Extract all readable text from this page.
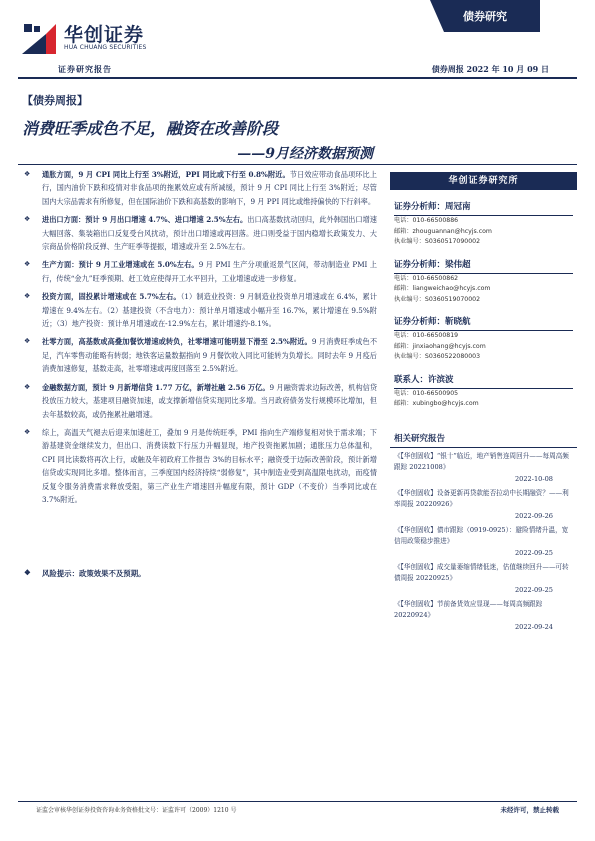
华创证券
HUA CHUANG SECURITIES
债券研究
证券研究报告	债券周报 2022 年 10 月 09 日
【债券周报】
消费旺季成色不足，融资在改善阶段
——9月经济数据预测
❖ 通胀方面，9 月 CPI 同比上行至 3%附近，PPI 同比或下行至 0.8%附近。节日效应带动食品项环比上行，国内油价下跌和疫情对非食品项的拖累效应或有所减缓，预计 9 月 CPI 同比上行至 3%附近；尽管国内大宗品需求有所修复，但在国际油价下跌和高基数的影响下，9 月 PPI 同比或维持偏快的下行斜率。
❖ 进出口方面：预计 9 月出口增速 4.7%、进口增速 2.5%左右。出口高基数扰动回归，此外韩国出口增速大幅回落、集装箱出口反复受台风扰动，预计出口增速或再回落。进口则受益于国内稳增长政策发力、大宗商品价格阶段反弹、生产旺季等提振，增速或升至 2.5%左右。
❖ 生产方面：预计 9 月工业增速或在 5.0%左右。9 月 PMI 生产分项重返景气区间，带动制造业 PMI 上行，传统“金九”旺季预期、赶工效应使得开工水平回升，工业增速或进一步修复。
❖ 投资方面，固投累计增速或在 5.7%左右。（1）制造业投资：9 月制造业投资单月增速或在 6.4%，累计增速在 9.4%左右。（2）基建投资（不含电力）：预计单月增速或小幅升至 16.7%，累计增速在 9.5%附近；（3）地产投资：预计单月增速或在-12.9%左右，累计增速约-8.1%。
❖ 社零方面，高基数或高叠加餐饮增速或转负，社零增速可能明显下滑至 2.5%附近。9 月消费旺季成色不足，汽车零售动能略有转弱；地铁客运量数据指向 9 月餐饮收入同比可能转为负增长。同时去年 9 月疫后消费加速修复，基数走高，社零增速或再度回落至 2.5%附近。
❖ 金融数据方面，预计 9 月新增信贷 1.77 万亿，新增社融 2.56 万亿。9 月融资需求边际改善，机构信贷投放压力较大，基建项目融资加速，或支撑新增信贷实现同比多增。当月政府债务发行规模环比增加，但去年基数较高，或仍拖累社融增速。
❖ 综上，高温天气褪去后迎来加速赶工，叠加 9 月是传统旺季，PMI 指向生产端修复相对快于需求端；下游基建资金继续发力，但出口、消费读数下行压力升幅显现，地产投资拖累加剧；通胀压力总体温和，CPI 同比读数将再次上行，或触及年初政府工作报告 3%的目标水平；融资受于边际改善阶段，预计新增信贷或实现同比多增。整体而言，三季度国内经济持续“弱修复”，其中制造业受到高温限电扰动，而疫情反复令服务消费需求释放受阻，第三产业生产增速回升幅度有限，预计 GDP（不变价）当季同比或在 3.7%附近。
❖ 风险提示：政策效果不及预期。
华创证券研究所
证券分析师：周冠南
电话：010-66500886
邮箱：zhouguannan@hcyjs.com
执业编号：S0360517090002
证券分析师：梁伟超
电话：010-66500862
邮箱：liangweichao@hcyjs.com
执业编号：S0360519070002
证券分析师：靳晓航
电话：010-66500819
邮箱：jinxiaohang@hcyjs.com
执业编号：S0360522080003
联系人：许滨波
电话：010-66500905
邮箱：xubingbo@hcyjs.com
相关研究报告
《【华创固收】“银十”临近，地产销售连周回升——每周高频跟踪 20221008》
2022-10-08
《【华创固收】设备更新再贷款能否拉动中长期融资？——利率周报 20220926》
2022-09-26
《【华创固收】债市跟踪（0919-0925）：避险情绪升温，宽信用政策稳步推进》
2022-09-25
《【华创固收】成交量萎缩情绪低迷，估值继续回升——可转债周报 20220925》
2022-09-25
《【华创固收】节前备货效应显现——每周高频跟踪 20220924》
2022-09-24
证监会审核华创证券投资咨询业务资格批文号：证监许可（2009）1210 号	未经许可，禁止转载
